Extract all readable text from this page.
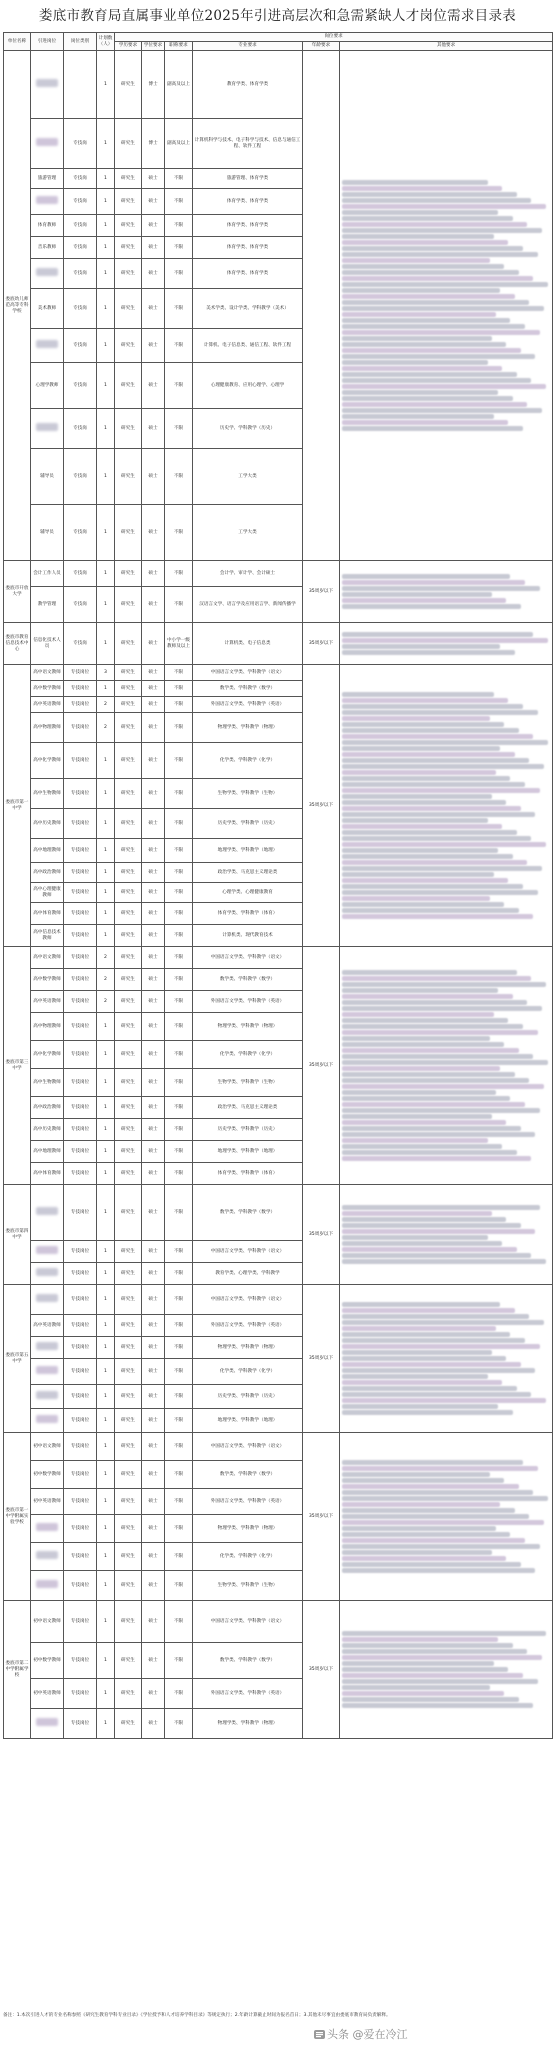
娄底市教育局直属事业单位2025年引进高层次和急需紧缺人才岗位需求目录表
单位名称	引进岗位	岗位类别	计划数（人）	岗位要求					
				学历要求	学位要求	职称要求	专业要求	年龄要求	其他要求
娄底幼儿师范高等专科学校			1	研究生	博士	副高及以上	教育学类、体育学类		

		专技岗	1	研究生	博士	副高及以上	计算机科学与技术、电子科学与技术、信息与通信工程、软件工程		
	旅游管理	专技岗	1	研究生	硕士	不限	旅游管理、体育学类		
		专技岗	1	研究生	硕士	不限	体育学类、体育学类		
	体育教师	专技岗	1	研究生	硕士	不限	体育学类、体育学类		
	音乐教师	专技岗	1	研究生	硕士	不限	体育学类、体育学类		
		专技岗	1	研究生	硕士	不限	体育学类、体育学类		
	美术教师	专技岗	1	研究生	硕士	不限	美术学类、设计学类、学科教学（美术）		
		专技岗	1	研究生	硕士	不限	计算机、电子信息类、通信工程、软件工程		
	心理学教师	专技岗	1	研究生	硕士	不限	心理健康教育、应用心理学、心理学		
		专技岗	1	研究生	硕士	不限	历史学、学科教学（历史）		
	辅导员	专技岗	1	研究生	硕士	不限	工学大类		
	辅导员	专技岗	1	研究生	硕士	不限	工学大类		
娄底市开放大学	会计工作人员	专技岗	1	研究生	硕士	不限	会计学、审计学、会计硕士	35周岁以下	

	教学管理	专技岗	1	研究生	硕士	不限	汉语言文学、语言学及应用语言学、新闻传播学		
娄底市教育信息技术中心	信息化技术人员	专技岗	1	研究生	硕士	中小学一级教师及以上	计算机类、电子信息类	35周岁以下	

娄底市第一中学	高中语文教师	专技岗位	3	研究生	硕士	不限	中国语言文学类、学科教学（语文）	35周岁以下	

	高中数学教师	专技岗位	1	研究生	硕士	不限	数学类、学科教学（数学）		
	高中英语教师	专技岗位	2	研究生	硕士	不限	外国语言文学类、学科教学（英语）		
	高中物理教师	专技岗位	2	研究生	硕士	不限	物理学类、学科教学（物理）		
	高中化学教师	专技岗位	1	研究生	硕士	不限	化学类、学科教学（化学）		
	高中生物教师	专技岗位	1	研究生	硕士	不限	生物学类、学科教学（生物）		
	高中历史教师	专技岗位	1	研究生	硕士	不限	历史学类、学科教学（历史）		
	高中地理教师	专技岗位	1	研究生	硕士	不限	地理学类、学科教学（地理）		
	高中政治教师	专技岗位	1	研究生	硕士	不限	政治学类、马克思主义理论类		
	高中心理健康教师	专技岗位	1	研究生	硕士	不限	心理学类、心理健康教育		
	高中体育教师	专技岗位	1	研究生	硕士	不限	体育学类、学科教学（体育）		
	高中信息技术教师	专技岗位	1	研究生	硕士	不限	计算机类、现代教育技术		
娄底市第三中学	高中语文教师	专技岗位	2	研究生	硕士	不限	中国语言文学类、学科教学（语文）	35周岁以下	

	高中数学教师	专技岗位	2	研究生	硕士	不限	数学类、学科教学（数学）		
	高中英语教师	专技岗位	2	研究生	硕士	不限	外国语言文学类、学科教学（英语）		
	高中物理教师	专技岗位	1	研究生	硕士	不限	物理学类、学科教学（物理）		
	高中化学教师	专技岗位	1	研究生	硕士	不限	化学类、学科教学（化学）		
	高中生物教师	专技岗位	1	研究生	硕士	不限	生物学类、学科教学（生物）		
	高中政治教师	专技岗位	1	研究生	硕士	不限	政治学类、马克思主义理论类		
	高中历史教师	专技岗位	1	研究生	硕士	不限	历史学类、学科教学（历史）		
	高中地理教师	专技岗位	1	研究生	硕士	不限	地理学类、学科教学（地理）		
	高中体育教师	专技岗位	1	研究生	硕士	不限	体育学类、学科教学（体育）		
娄底市第四中学		专技岗位	1	研究生	硕士	不限	数学类、学科教学（数学）	35周岁以下	

		专技岗位	1	研究生	硕士	不限	中国语言文学类、学科教学（语文）		
		专技岗位	1	研究生	硕士	不限	教育学类、心理学类、学科教学		
娄底市第五中学		专技岗位	1	研究生	硕士	不限	中国语言文学类、学科教学（语文）	35周岁以下	

	高中英语教师	专技岗位	1	研究生	硕士	不限	外国语言文学类、学科教学（英语）		
		专技岗位	1	研究生	硕士	不限	物理学类、学科教学（物理）		
		专技岗位	1	研究生	硕士	不限	化学类、学科教学（化学）		
		专技岗位	1	研究生	硕士	不限	历史学类、学科教学（历史）		
		专技岗位	1	研究生	硕士	不限	地理学类、学科教学（地理）		
娄底市第一中学附属实验学校	初中语文教师	专技岗位	1	研究生	硕士	不限	中国语言文学类、学科教学（语文）	35周岁以下	

	初中数学教师	专技岗位	1	研究生	硕士	不限	数学类、学科教学（数学）		
	初中英语教师	专技岗位	1	研究生	硕士	不限	外国语言文学类、学科教学（英语）		
		专技岗位	1	研究生	硕士	不限	物理学类、学科教学（物理）		
		专技岗位	1	研究生	硕士	不限	化学类、学科教学（化学）		
		专技岗位	1	研究生	硕士	不限	生物学类、学科教学（生物）		
娄底市第二中学附属学校	初中语文教师	专技岗位	1	研究生	硕士	不限	中国语言文学类、学科教学（语文）	35周岁以下	

	初中数学教师	专技岗位	1	研究生	硕士	不限	数学类、学科教学（数学）		
	初中英语教师	专技岗位	1	研究生	硕士	不限	外国语言文学类、学科教学（英语）		
		专技岗位	1	研究生	硕士	不限	物理学类、学科教学（物理）		
备注：1.本次引进人才的专业名称参照《研究生教育学科专业目录》《学位授予和人才培养学科目录》等规定执行；2.年龄计算截止时间为报名首日；3.其他未尽事宜由娄底市教育局负责解释。
头条 @爱在冷江
